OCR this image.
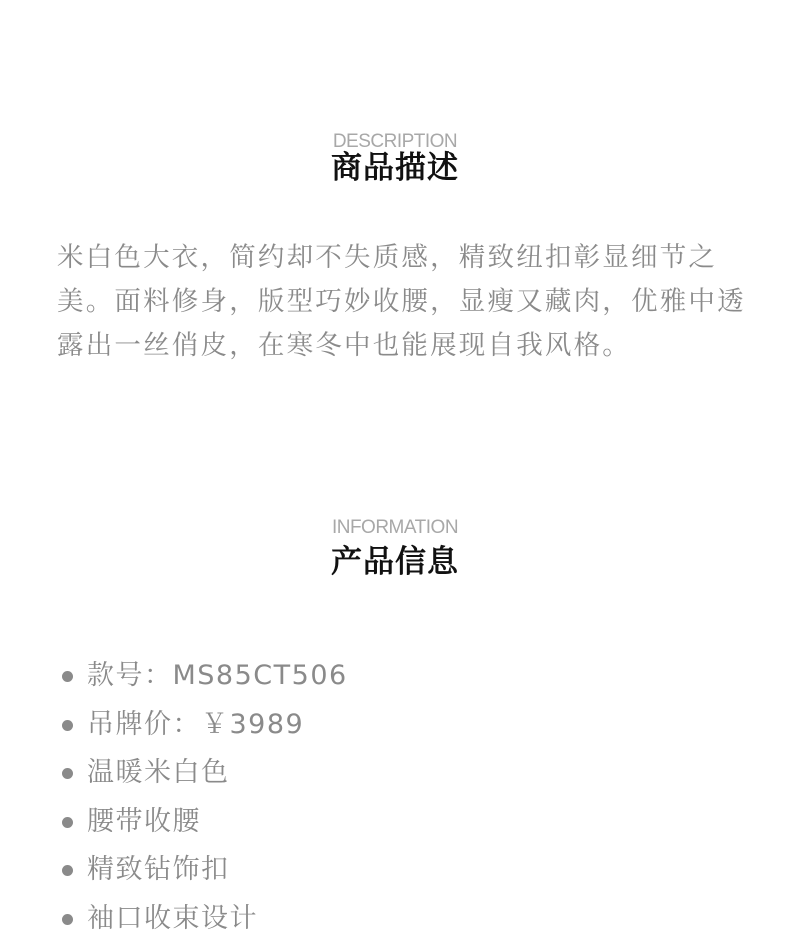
DESCRIPTION
商品描述

米白色大衣，简约却不失质感，精致纽扣彰显细节之美。面料修身，版型巧妙收腰，显瘦又藏肉，优雅中透露出一丝俏皮，在寒冬中也能展现自我风格。

INFORMATION
产品信息
款号：MS85CT506
吊牌价：￥3989
温暖米白色
腰带收腰
精致钻饰扣
袖口收束设计
